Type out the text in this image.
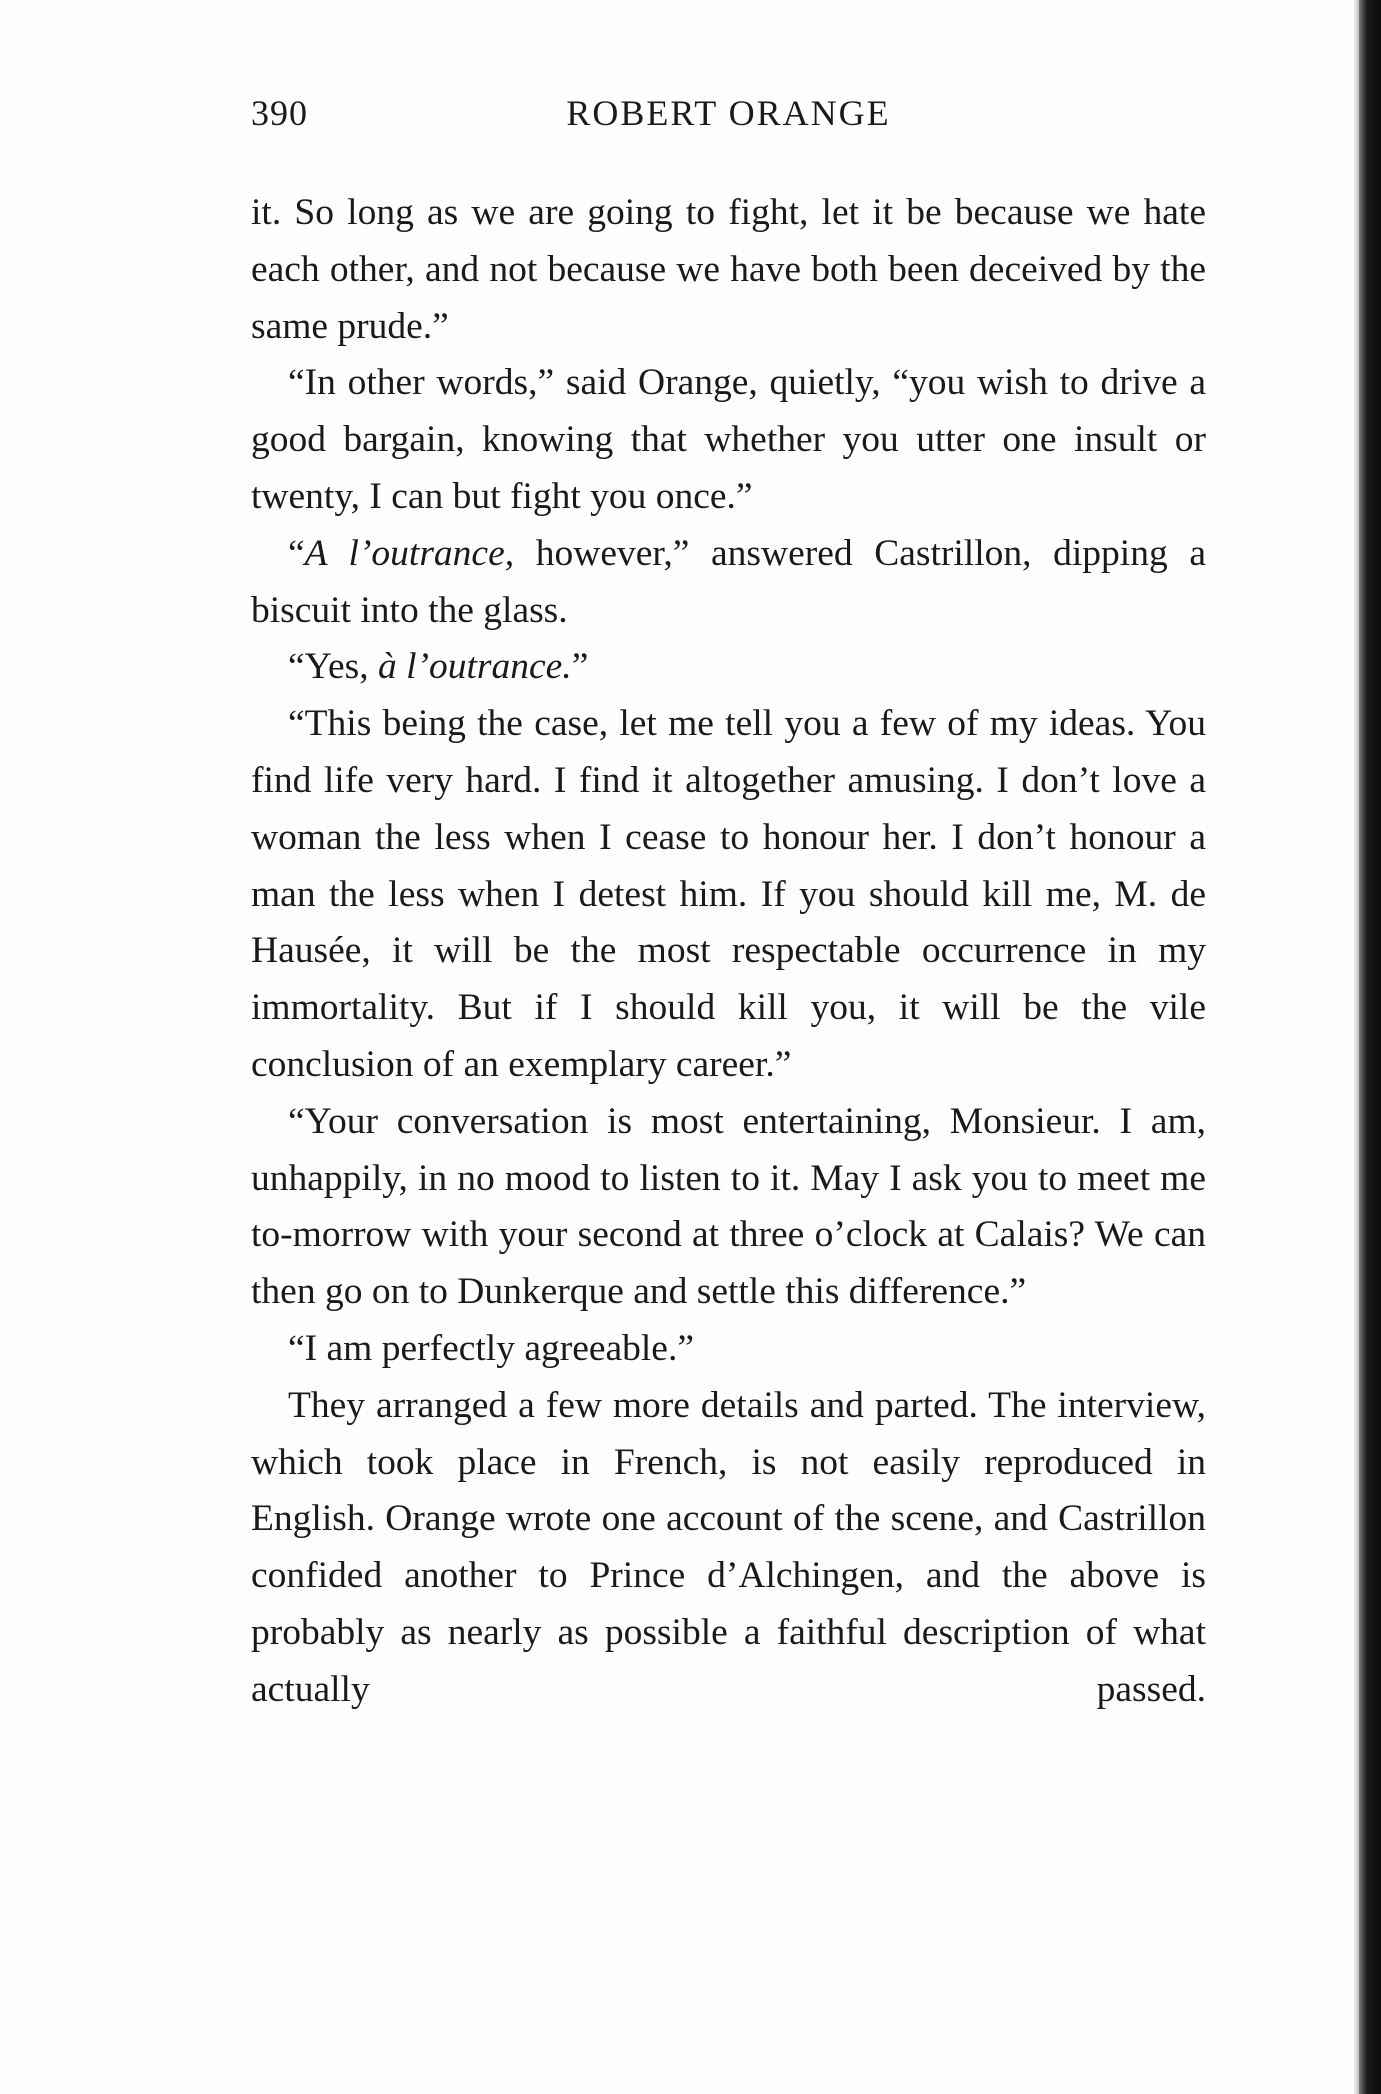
390	ROBERT ORANGE

it. So long as we are going to fight, let it be because we hate each other, and not because we have both been deceived by the same prude.”

“In other words,” said Orange, quietly, “you wish to drive a good bargain, knowing that whether you utter one insult or twenty, I can but fight you once.”

“A l’outrance, however,” answered Castrillon, dipping a biscuit into the glass.

“Yes, à l’outrance.”

“This being the case, let me tell you a few of my ideas. You find life very hard. I find it altogether amusing. I don’t love a woman the less when I cease to honour her. I don’t honour a man the less when I detest him. If you should kill me, M. de Hausée, it will be the most respectable occurrence in my immortality. But if I should kill you, it will be the vile conclusion of an exemplary career.”

“Your conversation is most entertaining, Monsieur. I am, unhappily, in no mood to listen to it. May I ask you to meet me to-morrow with your second at three o’clock at Calais? We can then go on to Dunkerque and settle this difference.”

“I am perfectly agreeable.”

They arranged a few more details and parted. The interview, which took place in French, is not easily reproduced in English. Orange wrote one account of the scene, and Castrillon confided another to Prince d’Alchingen, and the above is probably as nearly as possible a faithful description of what actually passed.
